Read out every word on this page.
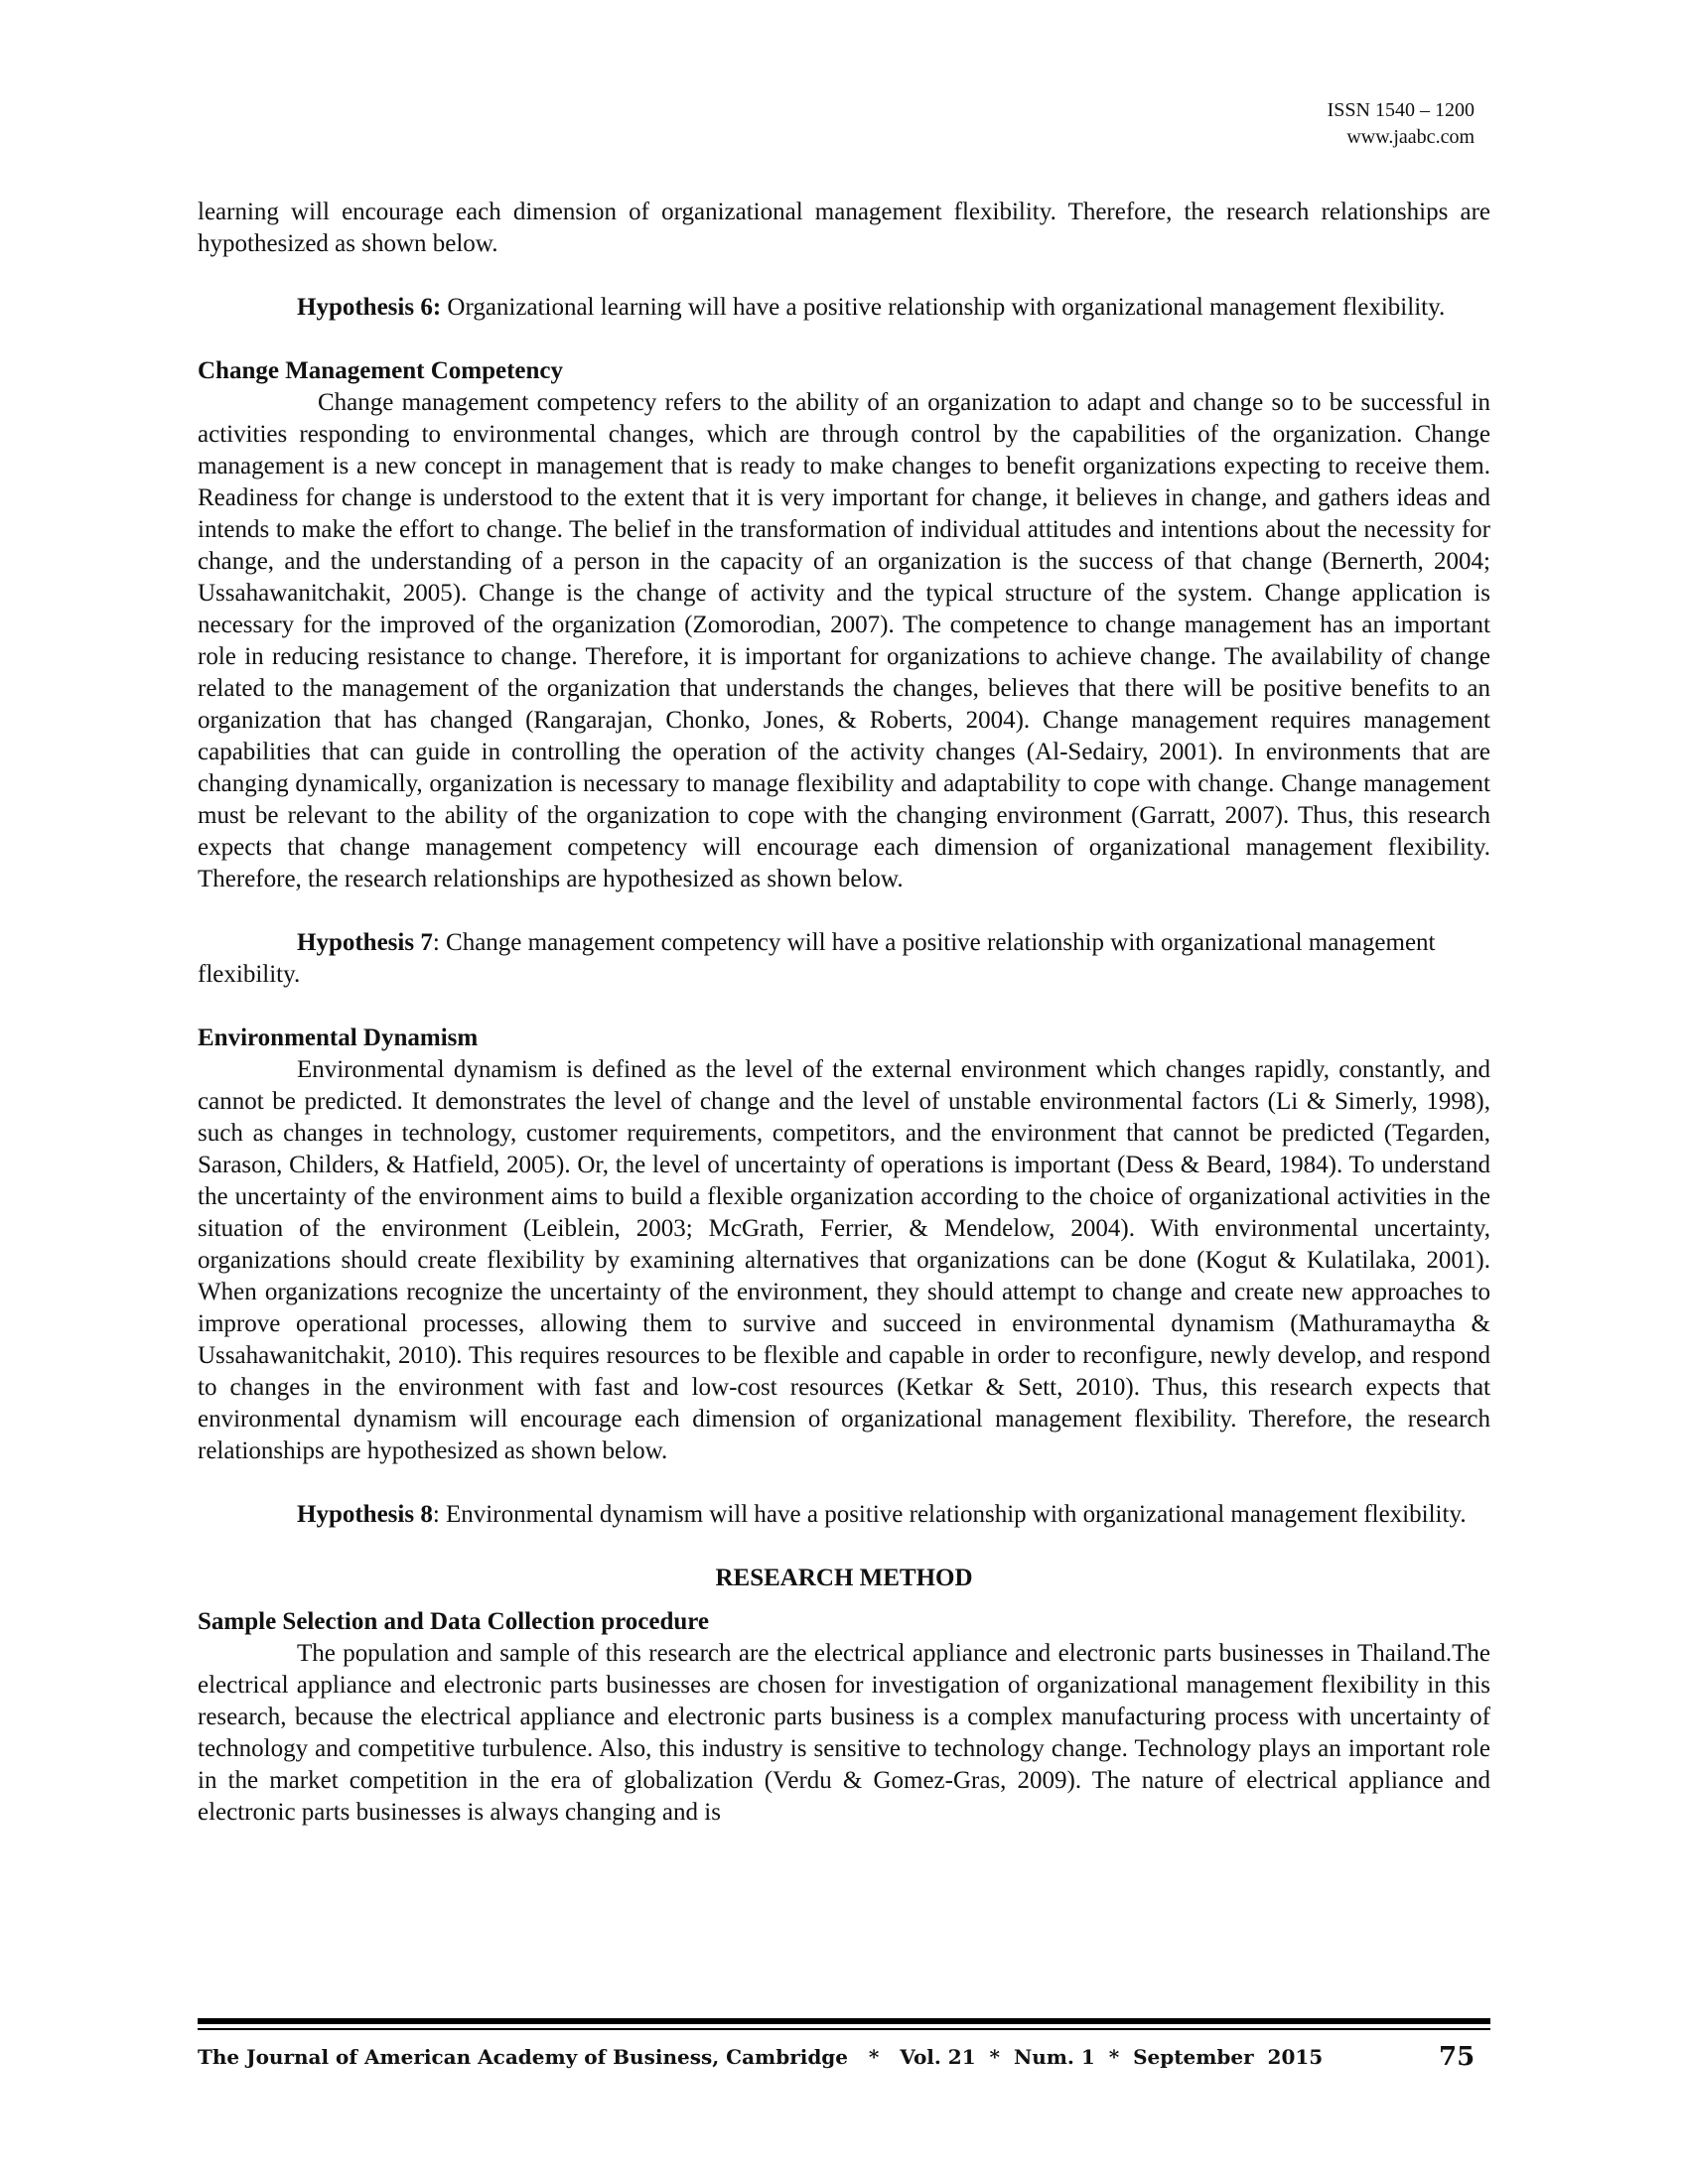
ISSN 1540 – 1200
www.jaabc.com

learning will encourage each dimension of organizational management flexibility. Therefore, the research relationships are hypothesized as shown below.

Hypothesis 6: Organizational learning will have a positive relationship with organizational management flexibility.

Change Management Competency

Change management competency refers to the ability of an organization to adapt and change so to be successful in activities responding to environmental changes, which are through control by the capabilities of the organization. Change management is a new concept in management that is ready to make changes to benefit organizations expecting to receive them. Readiness for change is understood to the extent that it is very important for change, it believes in change, and gathers ideas and intends to make the effort to change. The belief in the transformation of individual attitudes and intentions about the necessity for change, and the understanding of a person in the capacity of an organization is the success of that change (Bernerth, 2004; Ussahawanitchakit, 2005). Change is the change of activity and the typical structure of the system. Change application is necessary for the improved of the organization (Zomorodian, 2007). The competence to change management has an important role in reducing resistance to change. Therefore, it is important for organizations to achieve change. The availability of change related to the management of the organization that understands the changes, believes that there will be positive benefits to an organization that has changed (Rangarajan, Chonko, Jones, & Roberts, 2004). Change management requires management capabilities that can guide in controlling the operation of the activity changes (Al-Sedairy, 2001). In environments that are changing dynamically, organization is necessary to manage flexibility and adaptability to cope with change. Change management must be relevant to the ability of the organization to cope with the changing environment (Garratt, 2007). Thus, this research expects that change management competency will encourage each dimension of organizational management flexibility. Therefore, the research relationships are hypothesized as shown below.

Hypothesis 7: Change management competency will have a positive relationship with organizational management flexibility.

Environmental Dynamism

Environmental dynamism is defined as the level of the external environment which changes rapidly, constantly, and cannot be predicted. It demonstrates the level of change and the level of unstable environmental factors (Li & Simerly, 1998), such as changes in technology, customer requirements, competitors, and the environment that cannot be predicted (Tegarden, Sarason, Childers, & Hatfield, 2005). Or, the level of uncertainty of operations is important (Dess & Beard, 1984). To understand the uncertainty of the environment aims to build a flexible organization according to the choice of organizational activities in the situation of the environment (Leiblein, 2003; McGrath, Ferrier, & Mendelow, 2004). With environmental uncertainty, organizations should create flexibility by examining alternatives that organizations can be done (Kogut & Kulatilaka, 2001). When organizations recognize the uncertainty of the environment, they should attempt to change and create new approaches to improve operational processes, allowing them to survive and succeed in environmental dynamism (Mathuramaytha & Ussahawanitchakit, 2010). This requires resources to be flexible and capable in order to reconfigure, newly develop, and respond to changes in the environment with fast and low-cost resources (Ketkar & Sett, 2010). Thus, this research expects that environmental dynamism will encourage each dimension of organizational management flexibility. Therefore, the research relationships are hypothesized as shown below.

Hypothesis 8: Environmental dynamism will have a positive relationship with organizational management flexibility.

RESEARCH METHOD
Sample Selection and Data Collection procedure

The population and sample of this research are the electrical appliance and electronic parts businesses in Thailand.The electrical appliance and electronic parts businesses are chosen for investigation of organizational management flexibility in this research, because the electrical appliance and electronic parts business is a complex manufacturing process with uncertainty of technology and competitive turbulence. Also, this industry is sensitive to technology change. Technology plays an important role in the market competition in the era of globalization (Verdu & Gomez-Gras, 2009). The nature of electrical appliance and electronic parts businesses is always changing and is

The Journal of American Academy of Business, Cambridge   *   Vol. 21  *  Num. 1  *  September  2015	75
